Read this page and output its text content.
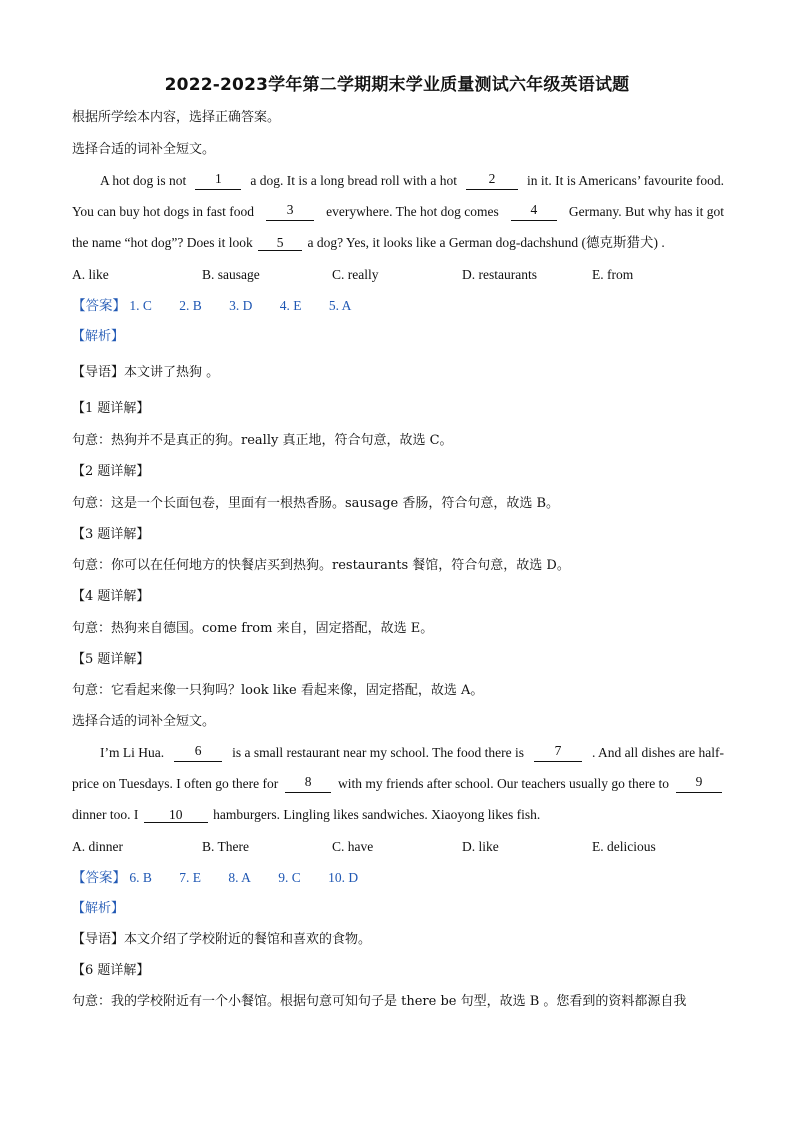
2022-2023学年第二学期期末学业质量测试六年级英语试题
根据所学绘本内容，选择正确答案。
选择合适的词补全短文。
A hot dog is not	1	a dog. It is a long bread roll with a hot	2	in it. It is Americans’ favourite food.
You can buy hot dogs in fast food	3	everywhere. The hot dog comes	4	Germany. But why has it got
the name “hot dog”? Does it look 5 a dog? Yes, it looks like a German dog-dachshund (德克斯猎犬) .
A. like	B. sausage	C. really	D. restaurants	E. from
【答案】 1. C 2. B 3. D 4. E 5. A
【解析】
【导语】本文讲了热狗 。
【1 题详解】
句意：热狗并不是真正的狗。really 真正地，符合句意，故选 C。
【2 题详解】
句意：这是一个长面包卷，里面有一根热香肠。sausage 香肠，符合句意，故选 B。
【3 题详解】
句意：你可以在任何地方的快餐店买到热狗。restaurants 餐馆，符合句意，故选 D。
【4 题详解】
句意：热狗来自德国。come from 来自，固定搭配，故选 E。
【5 题详解】
句意：它看起来像一只狗吗？look like 看起来像，固定搭配，故选 A。
选择合适的词补全短文。
I’m Li Hua.	6	is a small restaurant near my school. The food there is	7	. And all dishes are half-
price on Tuesdays. I often go there for	8	with my friends after school. Our teachers usually go there to	9
dinner too. I 10 hamburgers. Lingling likes sandwiches. Xiaoyong likes fish.
A. dinner	B. There	C. have	D. like	E. delicious
【答案】 6. B 7. E 8. A 9. C 10. D
【解析】
【导语】本文介绍了学校附近的餐馆和喜欢的食物。
【6 题详解】
句意：我的学校附近有一个小餐馆。根据句意可知句子是 there be 句型，故选 B 。您看到的资料都源自我
